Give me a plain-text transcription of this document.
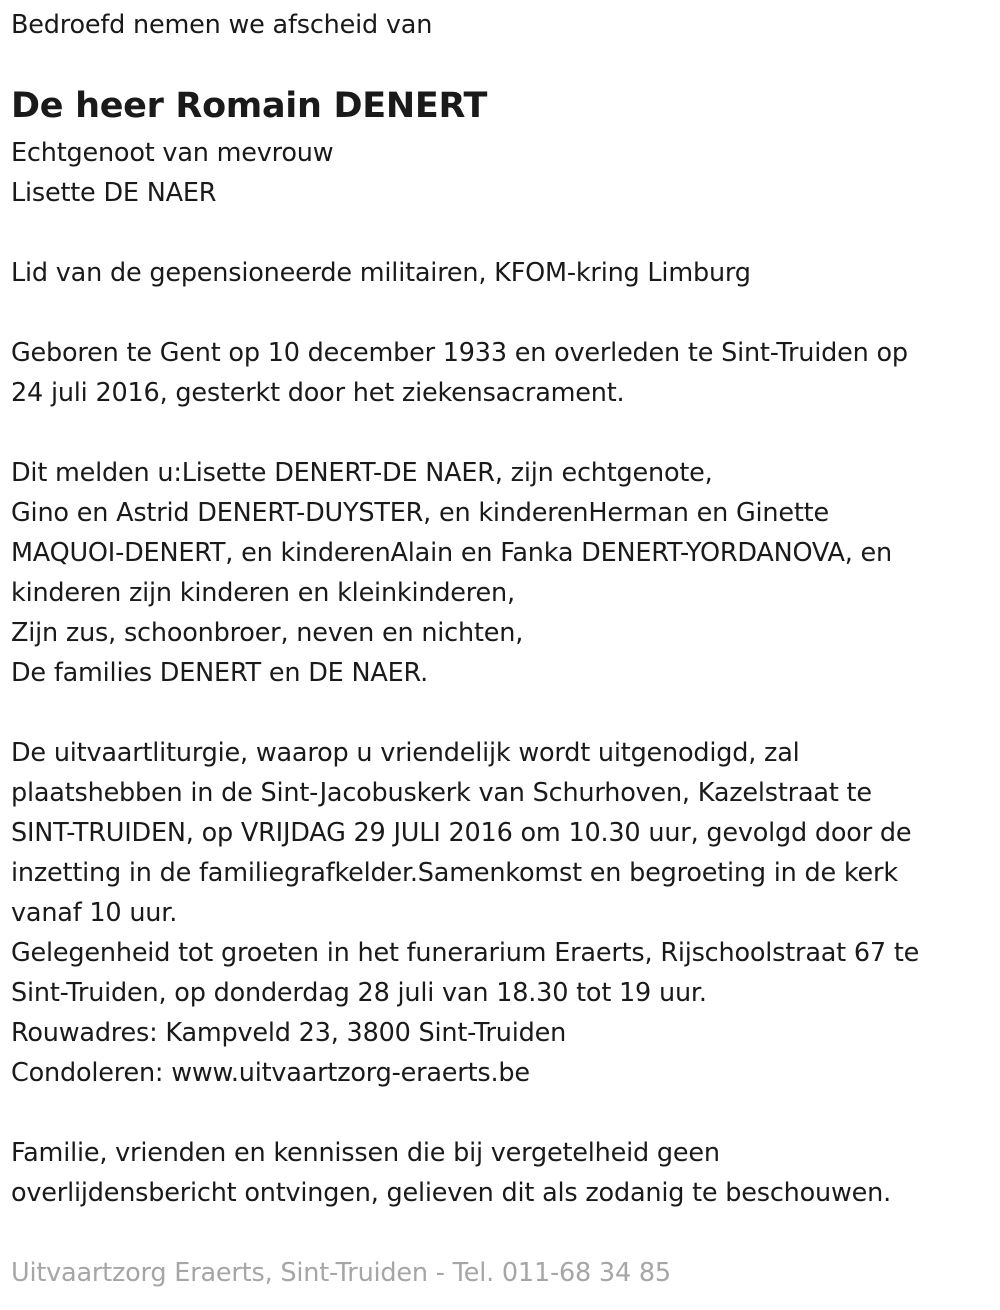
Bedroefd nemen we afscheid van
De heer Romain DENERT
Echtgenoot van mevrouw
Lisette DE NAER
Lid van de gepensioneerde militairen, KFOM-kring Limburg
Geboren te Gent op 10 december 1933 en overleden te Sint-Truiden op
24 juli 2016, gesterkt door het ziekensacrament.
Dit melden u:Lisette DENERT-DE NAER, zijn echtgenote,
Gino en Astrid DENERT-DUYSTER, en kinderenHerman en Ginette
MAQUOI-DENERT, en kinderenAlain en Fanka DENERT-YORDANOVA, en
kinderen zijn kinderen en kleinkinderen,
Zijn zus, schoonbroer, neven en nichten,
De families DENERT en DE NAER.
De uitvaartliturgie, waarop u vriendelijk wordt uitgenodigd, zal
plaatshebben in de Sint-Jacobuskerk van Schurhoven, Kazelstraat te
SINT-TRUIDEN, op VRIJDAG 29 JULI 2016 om 10.30 uur, gevolgd door de
inzetting in de familiegrafkelder.Samenkomst en begroeting in de kerk
vanaf 10 uur.
Gelegenheid tot groeten in het funerarium Eraerts, Rijschoolstraat 67 te
Sint-Truiden, op donderdag 28 juli van 18.30 tot 19 uur.
Rouwadres: Kampveld 23, 3800 Sint-Truiden
Condoleren: www.uitvaartzorg-eraerts.be
Familie, vrienden en kennissen die bij vergetelheid geen
overlijdensbericht ontvingen, gelieven dit als zodanig te beschouwen.
Uitvaartzorg Eraerts, Sint-Truiden - Tel. 011-68 34 85
